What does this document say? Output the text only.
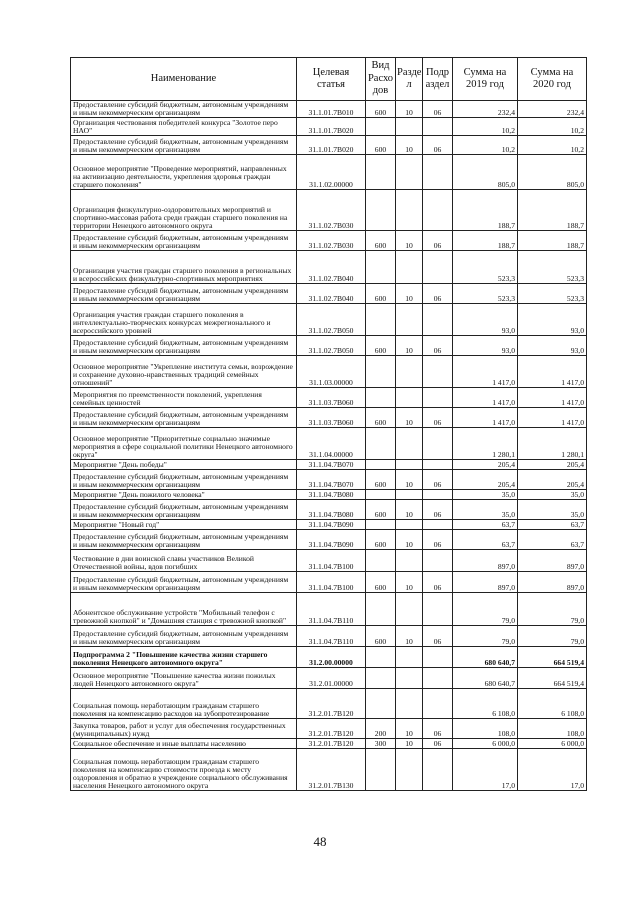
Наименование	Целевая статья	Вид Расхо дов	Разде л	Подр аздел	Сумма на 2019 год	Сумма на 2020 год
Предоставление субсидий бюджетным, автономным учреждениям и иным некоммерческим организациям	31.1.01.7В010	600	10	06	232,4	232,4
Организация чествования победителей конкурса "Золотое перо НАО"	31.1.01.7В020				10,2	10,2
Предоставление субсидий бюджетным, автономным учреждениям и иным некоммерческим организациям	31.1.01.7В020	600	10	06	10,2	10,2
Основное мероприятие "Проведение мероприятий, направленных на активизацию деятельности, укрепления здоровья граждан старшего поколения"	31.1.02.00000				805,0	805,0
Организация физкультурно-оздоровительных мероприятий и спортивно-массовая работа среди граждан старшего поколения на территории Ненецкого автономного округа	31.1.02.7В030				188,7	188,7
Предоставление субсидий бюджетным, автономным учреждениям и иным некоммерческим организациям	31.1.02.7В030	600	10	06	188,7	188,7
Организация участия граждан старшего поколения в региональных и всероссийских физкультурно-спортивных мероприятиях	31.1.02.7В040				523,3	523,3
Предоставление субсидий бюджетным, автономным учреждениям и иным некоммерческим организациям	31.1.02.7В040	600	10	06	523,3	523,3
Организация участия граждан старшего поколения в интеллектуально-творческих конкурсах межрегионального и всероссийского уровней	31.1.02.7В050				93,0	93,0
Предоставление субсидий бюджетным, автономным учреждениям и иным некоммерческим организациям	31.1.02.7В050	600	10	06	93,0	93,0
Основное мероприятие "Укрепление института семьи, возрождение и сохранение духовно-нравственных традиций семейных отношений"	31.1.03.00000				1 417,0	1 417,0
Мероприятия по преемственности поколений, укрепления семейных ценностей	31.1.03.7В060				1 417,0	1 417,0
Предоставление субсидий бюджетным, автономным учреждениям и иным некоммерческим организациям	31.1.03.7В060	600	10	06	1 417,0	1 417,0
Основное мероприятие "Приоритетные социально значимые мероприятия в сфере социальной политики Ненецкого автономного округа"	31.1.04.00000				1 280,1	1 280,1
Мероприятие "День победы"	31.1.04.7В070				205,4	205,4
Предоставление субсидий бюджетным, автономным учреждениям и иным некоммерческим организациям	31.1.04.7В070	600	10	06	205,4	205,4
Мероприятие "День пожилого человека"	31.1.04.7В080				35,0	35,0
Предоставление субсидий бюджетным, автономным учреждениям и иным некоммерческим организациям	31.1.04.7В080	600	10	06	35,0	35,0
Мероприятие "Новый год"	31.1.04.7В090				63,7	63,7
Предоставление субсидий бюджетным, автономным учреждениям и иным некоммерческим организациям	31.1.04.7В090	600	10	06	63,7	63,7
Чествование в дни воинской славы участников Великой Отечественной войны, вдов погибших	31.1.04.7В100				897,0	897,0
Предоставление субсидий бюджетным, автономным учреждениям и иным некоммерческим организациям	31.1.04.7В100	600	10	06	897,0	897,0
Абонентское обслуживание устройств "Мобильный телефон с тревожной кнопкой" и "Домашняя станция с тревожной кнопкой"	31.1.04.7В110				79,0	79,0
Предоставление субсидий бюджетным, автономным учреждениям и иным некоммерческим организациям	31.1.04.7В110	600	10	06	79,0	79,0
Подпрограмма 2 "Повышение качества жизни старшего поколения Ненецкого автономного округа"	31.2.00.00000				680 640,7	664 519,4
Основное мероприятие "Повышение качества жизни пожилых людей Ненецкого автономного округа"	31.2.01.00000				680 640,7	664 519,4
Социальная помощь неработающим гражданам старшего поколения на компенсацию расходов на зубопротезирование	31.2.01.7В120				6 108,0	6 108,0
Закупка товаров, работ и услуг для обеспечения государственных (муниципальных) нужд	31.2.01.7В120	200	10	06	108,0	108,0
Социальное обеспечение и иные выплаты населению	31.2.01.7В120	300	10	06	6 000,0	6 000,0
Социальная помощь неработающим гражданам старшего поколения на компенсацию стоимости проезда к месту оздоровления и обратно в учреждение социального обслуживания населения Ненецкого автономного округа	31.2.01.7В130				17,0	17,0
48
